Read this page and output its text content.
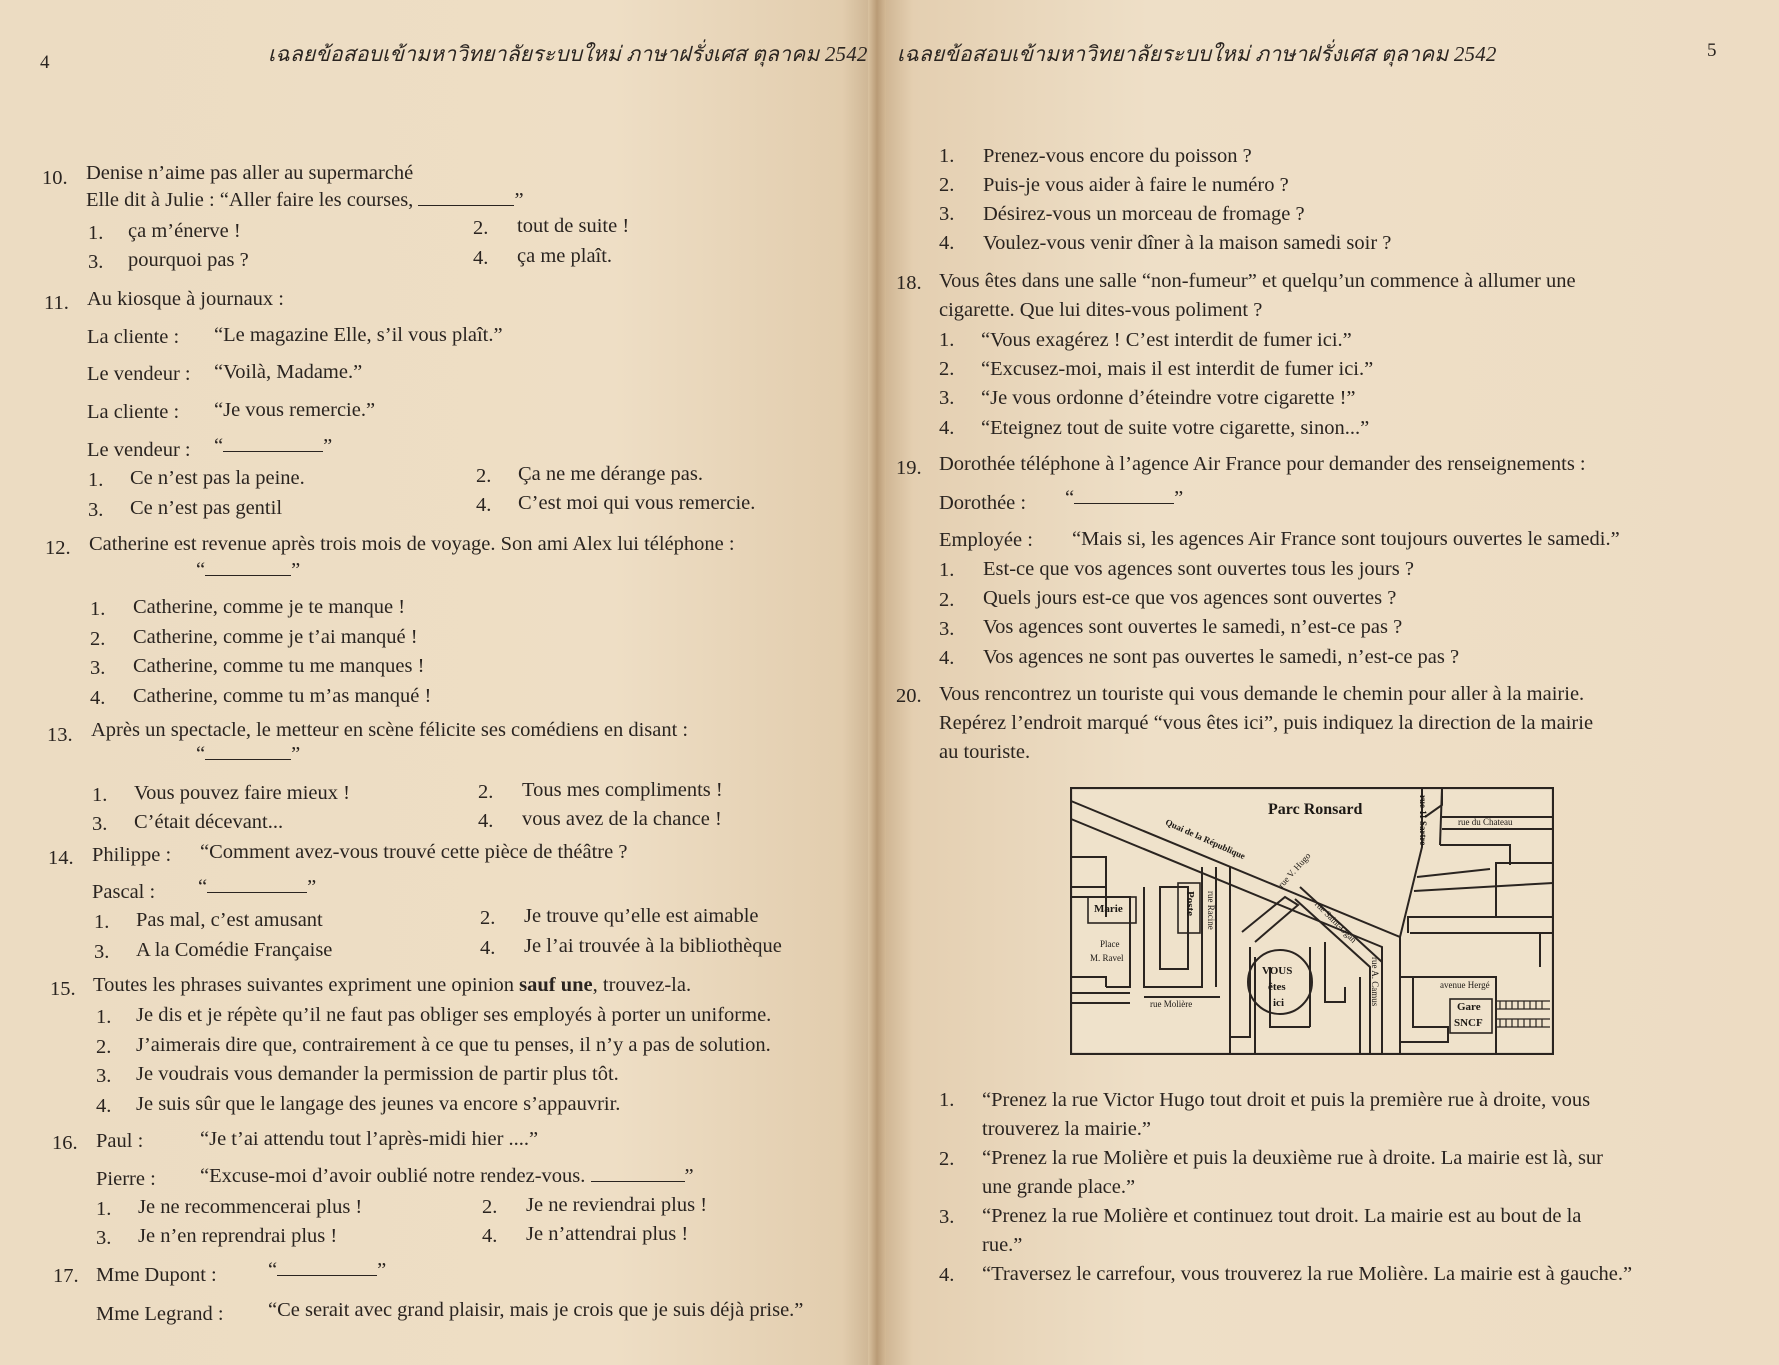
4	เฉลยข้อสอบเข้ามหาวิทยาลัยระบบใหม่ ภาษาฝรั่งเศส ตุลาคม 2542
10. Denise n’aime pas aller au supermarché
Elle dit à Julie : “Aller faire les courses,	”
1. ça m’énerve !	2. tout de suite !
3. pourquoi pas ?	4. ça me plaît.
11. Au kiosque à journaux :
La cliente : “Le magazine Elle, s’il vous plaît.”
Le vendeur : “Voilà, Madame.”
La cliente : “Je vous remercie.”
Le vendeur : “	”
1. Ce n’est pas la peine.	2. Ça ne me dérange pas.
3. Ce n’est pas gentil	4. C’est moi qui vous remercie.
12. Catherine est revenue après trois mois de voyage. Son ami Alex lui téléphone :
“	”
1. Catherine, comme je te manque !
2. Catherine, comme je t’ai manqué !
3. Catherine, comme tu me manques !
4. Catherine, comme tu m’as manqué !
13. Après un spectacle, le metteur en scène félicite ses comédiens en disant :
“	”
1. Vous pouvez faire mieux !	2. Tous mes compliments !
3. C’était décevant...	4. vous avez de la chance !
14. Philippe : “Comment avez-vous trouvé cette pièce de théâtre ?
Pascal : “	”
1. Pas mal, c’est amusant	2. Je trouve qu’elle est aimable
3. A la Comédie Française	4. Je l’ai trouvée à la bibliothèque
15. Toutes les phrases suivantes expriment une opinion sauf une, trouvez-la.
1. Je dis et je répète qu’il ne faut pas obliger ses employés à porter un uniforme.
2. J’aimerais dire que, contrairement à ce que tu penses, il n’y a pas de solution.
3. Je voudrais vous demander la permission de partir plus tôt.
4. Je suis sûr que le langage des jeunes va encore s’appauvrir.
16. Paul :	“Je t’ai attendu tout l’après-midi hier ....”
Pierre : “Excuse-moi d’avoir oublié notre rendez-vous.	”
1. Je ne recommencerai plus !	2. Je ne reviendrai plus !
3. Je n’en reprendrai plus !	4. Je n’attendrai plus !
17. Mme Dupont :	“	”
Mme Legrand : “Ce serait avec grand plaisir, mais je crois que je suis déjà prise.”
เฉลยข้อสอบเข้ามหาวิทยาลัยระบบใหม่ ภาษาฝรั่งเศส ตุลาคม 2542	5
1. Prenez-vous encore du poisson ?
2. Puis-je vous aider à faire le numéro ?
3. Désirez-vous un morceau de fromage ?
4. Voulez-vous venir dîner à la maison samedi soir ?
18. Vous êtes dans une salle “non-fumeur” et quelqu’un commence à allumer une
cigarette. Que lui dites-vous poliment ?
1. “Vous exagérez ! C’est interdit de fumer ici.”
2. “Excusez-moi, mais il est interdit de fumer ici.”
3. “Je vous ordonne d’éteindre votre cigarette !”
4. “Eteignez tout de suite votre cigarette, sinon...”
19. Dorothée téléphone à l’agence Air France pour demander des renseignements :
Dorothée : “	”
Employée : “Mais si, les agences Air France sont toujours ouvertes le samedi.”
1. Est-ce que vos agences sont ouvertes tous les jours ?
2. Quels jours est-ce que vos agences sont ouvertes ?
3. Vos agences sont ouvertes le samedi, n’est-ce pas ?
4. Vos agences ne sont pas ouvertes le samedi, n’est-ce pas ?
20. Vous rencontrez un touriste qui vous demande le chemin pour aller à la mairie.
Repérez l’endroit marqué “vous êtes ici”, puis indiquez la direction de la mairie
au touriste.
1. “Prenez la rue Victor Hugo tout droit et puis la première rue à droite, vous
trouverez la mairie.”
2. “Prenez la rue Molière et puis la deuxième rue à droite. La mairie est là, sur
une grande place.”
3. “Prenez la rue Molière et continuez tout droit. La mairie est au bout de la
rue.”
4. “Traversez le carrefour, vous trouverez la rue Molière. La mairie est à gauche.”
Parc Ronsard
Quai de la République	rue 11 Sartre	rue du Chateau
Marie
Place
M. Ravel
Poste rue Racine
rue V. Hugo
rue Saint-Ogan
rue A. Camus
rue Molière
VOUS
êtes
ici
avenue Hergé
Gare
SNCF
